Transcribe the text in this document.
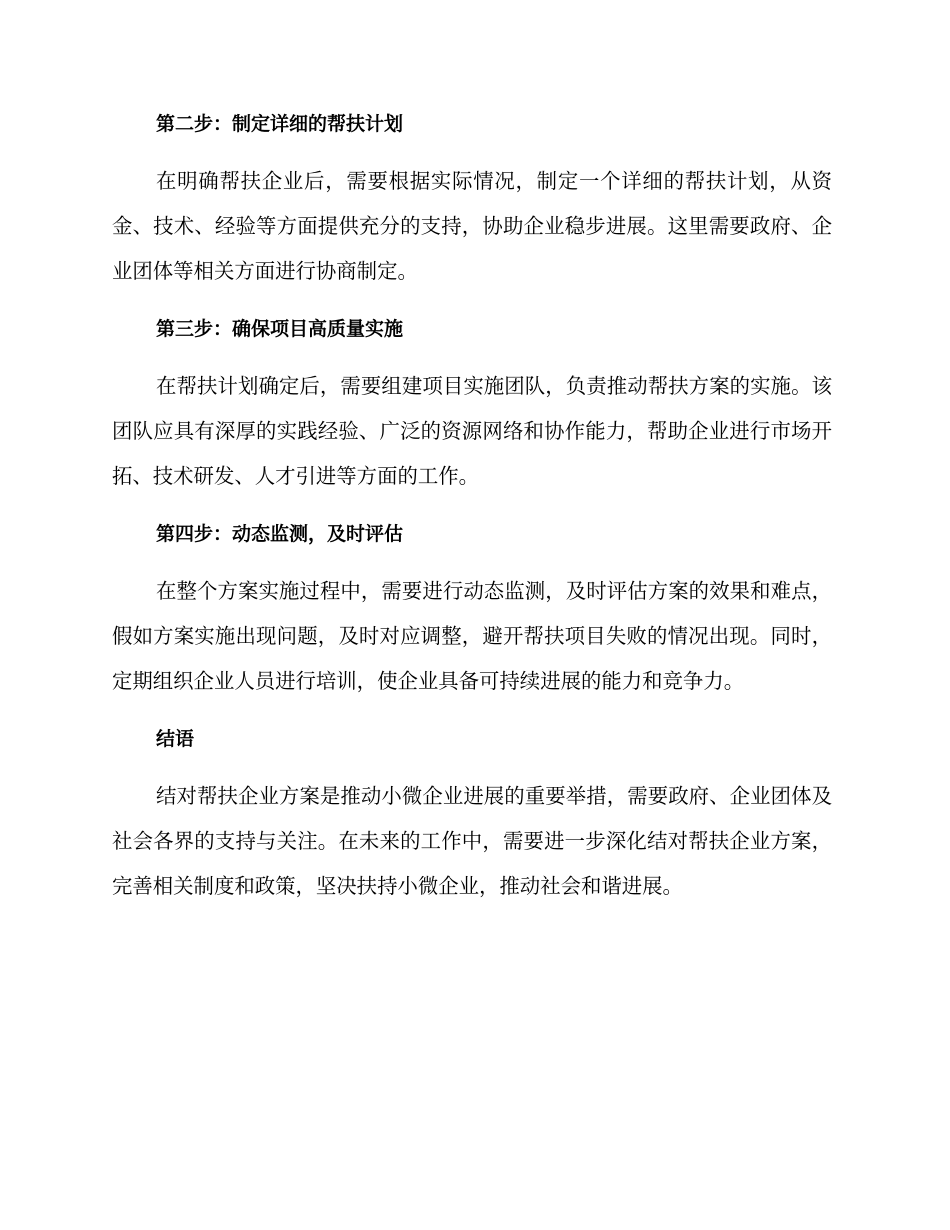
第二步：制定详细的帮扶计划

在明确帮扶企业后，需要根据实际情况，制定一个详细的帮扶计划，从资金、技术、经验等方面提供充分的支持，协助企业稳步进展。这里需要政府、企业团体等相关方面进行协商制定。

第三步：确保项目高质量实施

在帮扶计划确定后，需要组建项目实施团队，负责推动帮扶方案的实施。该团队应具有深厚的实践经验、广泛的资源网络和协作能力，帮助企业进行市场开拓、技术研发、人才引进等方面的工作。

第四步：动态监测，及时评估

在整个方案实施过程中，需要进行动态监测，及时评估方案的效果和难点，假如方案实施出现问题，及时对应调整，避开帮扶项目失败的情况出现。同时，定期组织企业人员进行培训，使企业具备可持续进展的能力和竞争力。

结语

结对帮扶企业方案是推动小微企业进展的重要举措，需要政府、企业团体及社会各界的支持与关注。在未来的工作中，需要进一步深化结对帮扶企业方案，完善相关制度和政策，坚决扶持小微企业，推动社会和谐进展。
